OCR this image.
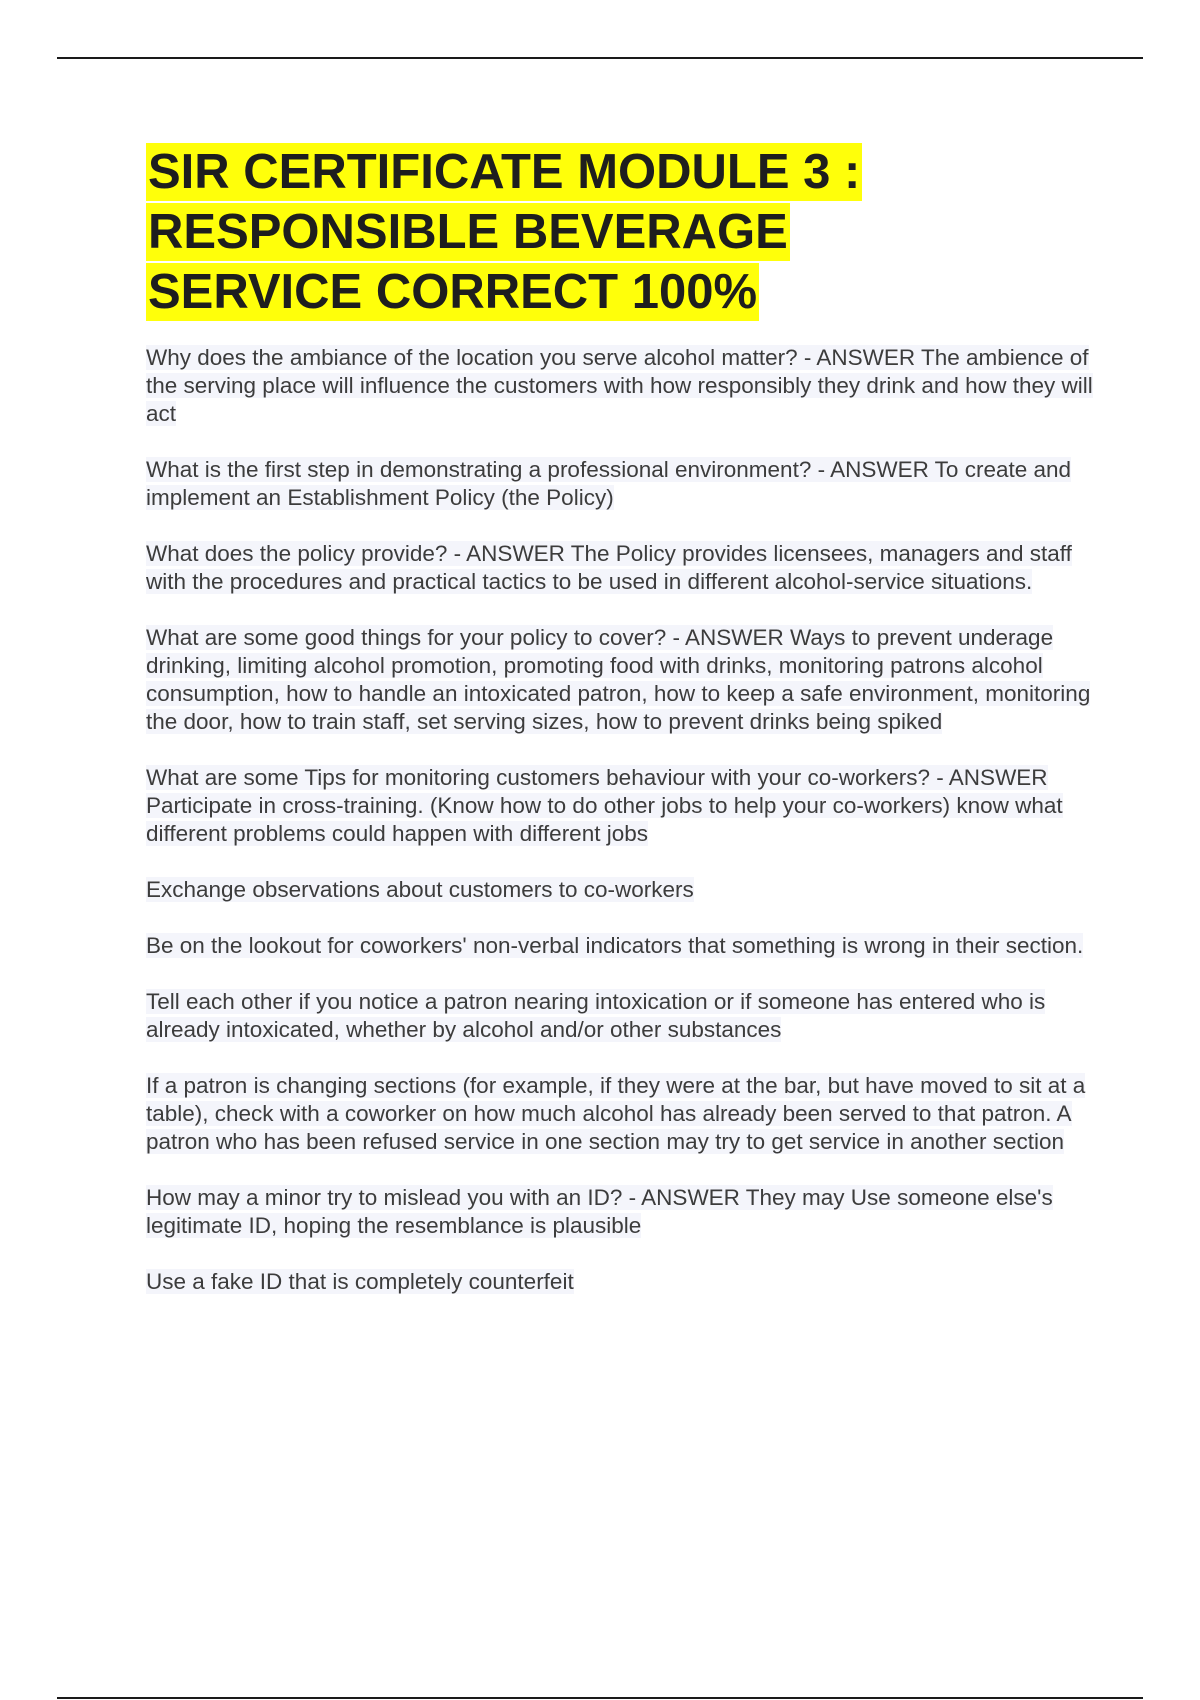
SIR CERTIFICATE MODULE 3 :
RESPONSIBLE BEVERAGE
SERVICE CORRECT 100%

Why does the ambiance of the location you serve alcohol matter? - ANSWER The ambience of the serving place will influence the customers with how responsibly they drink and how they will act

What is the first step in demonstrating a professional environment? - ANSWER To create and implement an Establishment Policy (the Policy)

What does the policy provide? - ANSWER The Policy provides licensees, managers and staff with the procedures and practical tactics to be used in different alcohol-service situations.

What are some good things for your policy to cover? - ANSWER Ways to prevent underage drinking, limiting alcohol promotion, promoting food with drinks, monitoring patrons alcohol consumption, how to handle an intoxicated patron, how to keep a safe environment, monitoring the door, how to train staff, set serving sizes, how to prevent drinks being spiked

What are some Tips for monitoring customers behaviour with your co-workers? - ANSWER Participate in cross-training. (Know how to do other jobs to help your co-workers) know what different problems could happen with different jobs

Exchange observations about customers to co-workers

Be on the lookout for coworkers' non-verbal indicators that something is wrong in their section.

Tell each other if you notice a patron nearing intoxication or if someone has entered who is already intoxicated, whether by alcohol and/or other substances

If a patron is changing sections (for example, if they were at the bar, but have moved to sit at a table), check with a coworker on how much alcohol has already been served to that patron. A patron who has been refused service in one section may try to get service in another section

How may a minor try to mislead you with an ID? - ANSWER They may Use someone else's legitimate ID, hoping the resemblance is plausible

Use a fake ID that is completely counterfeit
